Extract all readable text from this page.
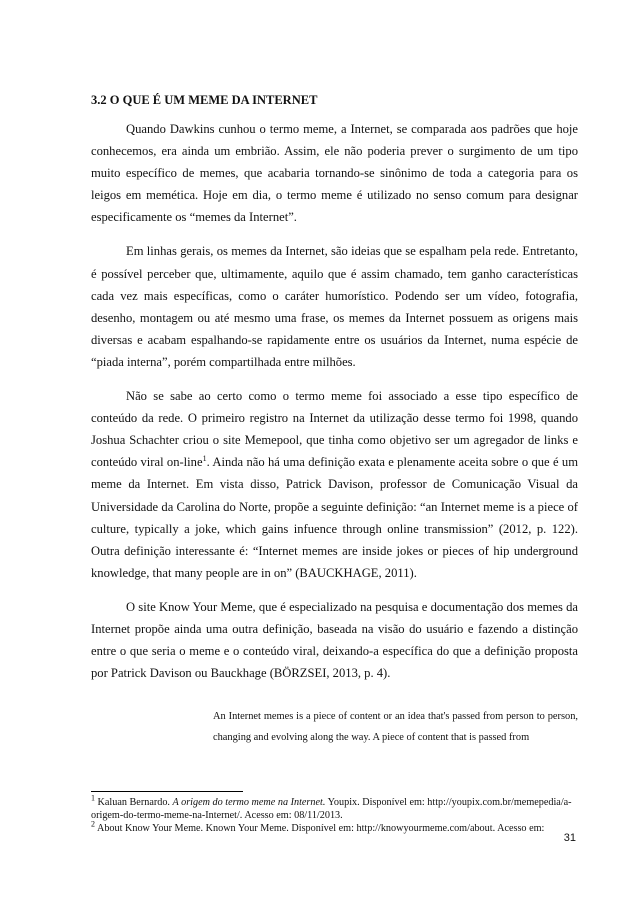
3.2 O QUE É UM MEME DA INTERNET

Quando Dawkins cunhou o termo meme, a Internet, se comparada aos padrões que hoje conhecemos, era ainda um embrião. Assim, ele não poderia prever o surgimento de um tipo muito específico de memes, que acabaria tornando-se sinônimo de toda a categoria para os leigos em memética. Hoje em dia, o termo meme é utilizado no senso comum para designar especificamente os “memes da Internet”.

Em linhas gerais, os memes da Internet, são ideias que se espalham pela rede. Entretanto, é possível perceber que, ultimamente, aquilo que é assim chamado, tem ganho características cada vez mais específicas, como o caráter humorístico. Podendo ser um vídeo, fotografia, desenho, montagem ou até mesmo uma frase, os memes da Internet possuem as origens mais diversas e acabam espalhando-se rapidamente entre os usuários da Internet, numa espécie de “piada interna”, porém compartilhada entre milhões.

Não se sabe ao certo como o termo meme foi associado a esse tipo específico de conteúdo da rede. O primeiro registro na Internet da utilização desse termo foi 1998, quando Joshua Schachter criou o site Memepool, que tinha como objetivo ser um agregador de links e conteúdo viral on-line$^1$. Ainda não há uma definição exata e plenamente aceita sobre o que é um meme da Internet. Em vista disso, Patrick Davison, professor de Comunicação Visual da Universidade da Carolina do Norte, propõe a seguinte definição: “an Internet meme is a piece of culture, typically a joke, which gains infuence through online transmission” (2012, p. 122). Outra definição interessante é: “Internet memes are inside jokes or pieces of hip underground knowledge, that many people are in on” (BAUCKHAGE, 2011).

O site Know Your Meme, que é especializado na pesquisa e documentação dos memes da Internet propõe ainda uma outra definição, baseada na visão do usuário e fazendo a distinção entre o que seria o meme e o conteúdo viral, deixando-a específica do que a definição proposta por Patrick Davison ou Bauckhage (BÖRZSEI, 2013, p. 4).

An Internet memes is a piece of content or an idea that's passed from person to person, changing and evolving along the way. A piece of content that is passed from
$^1$ Kaluan Bernardo. A origem do termo meme na Internet. Youpix. Disponível em: http://youpix.com.br/memepedia/a-origem-do-termo-meme-na-Internet/. Acesso em: 08/11/2013.
$^2$ About Know Your Meme. Known Your Meme. Disponível em: http://knowyourmeme.com/about. Acesso em:
31
